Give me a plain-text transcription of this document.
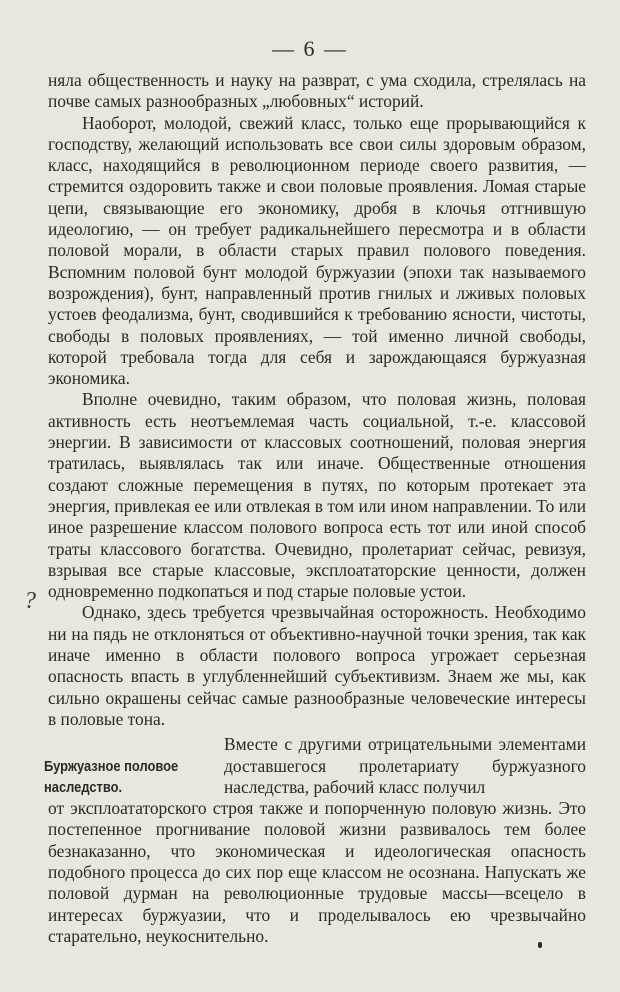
— 6 —
?

няла общественность и науку на разврат, с ума сходила, стрелялась на почве самых разнообразных „любовных“ историй.

Наоборот, молодой, свежий класс, только еще прорывающийся к господству, желающий использовать все свои силы здоровым образом, класс, находящийся в революционном периоде своего развития, — стремится оздоровить также и свои половые проявления. Ломая старые цепи, связывающие его экономику, дробя в клочья отгнившую идеологию, — он требует радикальнейшего пересмотра и в области половой морали, в области старых правил полового поведения. Вспомним половой бунт молодой буржуазии (эпохи так называемого возрождения), бунт, направленный против гнилых и лживых половых устоев феодализма, бунт, сводившийся к требованию ясности, чистоты, свободы в половых проявлениях, — той именно личной свободы, которой требовала тогда для себя и зарождающаяся буржуазная экономика.

Вполне очевидно, таким образом, что половая жизнь, половая активность есть неотъемлемая часть социальной, т.-е. классовой энергии. В зависимости от классовых соотношений, половая энергия тратилась, выявлялась так или иначе. Общественные отношения создают сложные перемещения в путях, по которым протекает эта энергия, привлекая ее или отвлекая в том или ином направлении. То или иное разрешение классом полового вопроса есть тот или иной способ траты классового богатства. Очевидно, пролетариат сейчас, ревизуя, взрывая все старые классовые, эксплоататорские ценности, должен одновременно подкопаться и под старые половые устои.

Однако, здесь требуется чрезвычайная осторожность. Необходимо ни на пядь не отклоняться от объективно-научной точки зрения, так как иначе именно в области полового вопроса угрожает серьезная опасность впасть в углубленнейший субъективизм. Знаем же мы, как сильно окрашены сейчас самые разнообразные человеческие интересы в половые тона.

Буржуазное половое наследство.

Вместе с другими отрицательными элементами доставшегося пролетариату буржуазного наследства, рабочий класс получил
от эксплоататорского строя также и попорченную половую жизнь. Это постепенное прогнивание половой жизни развивалось тем более безнаказанно, что экономическая и идеологическая опасность подобного процесса до сих пор еще классом не осознана. Напускать же половой дурман на революционные трудовые массы—всецело в интересах буржуазии, что и проделывалось ею чрезвычайно старательно, неукоснительно.
